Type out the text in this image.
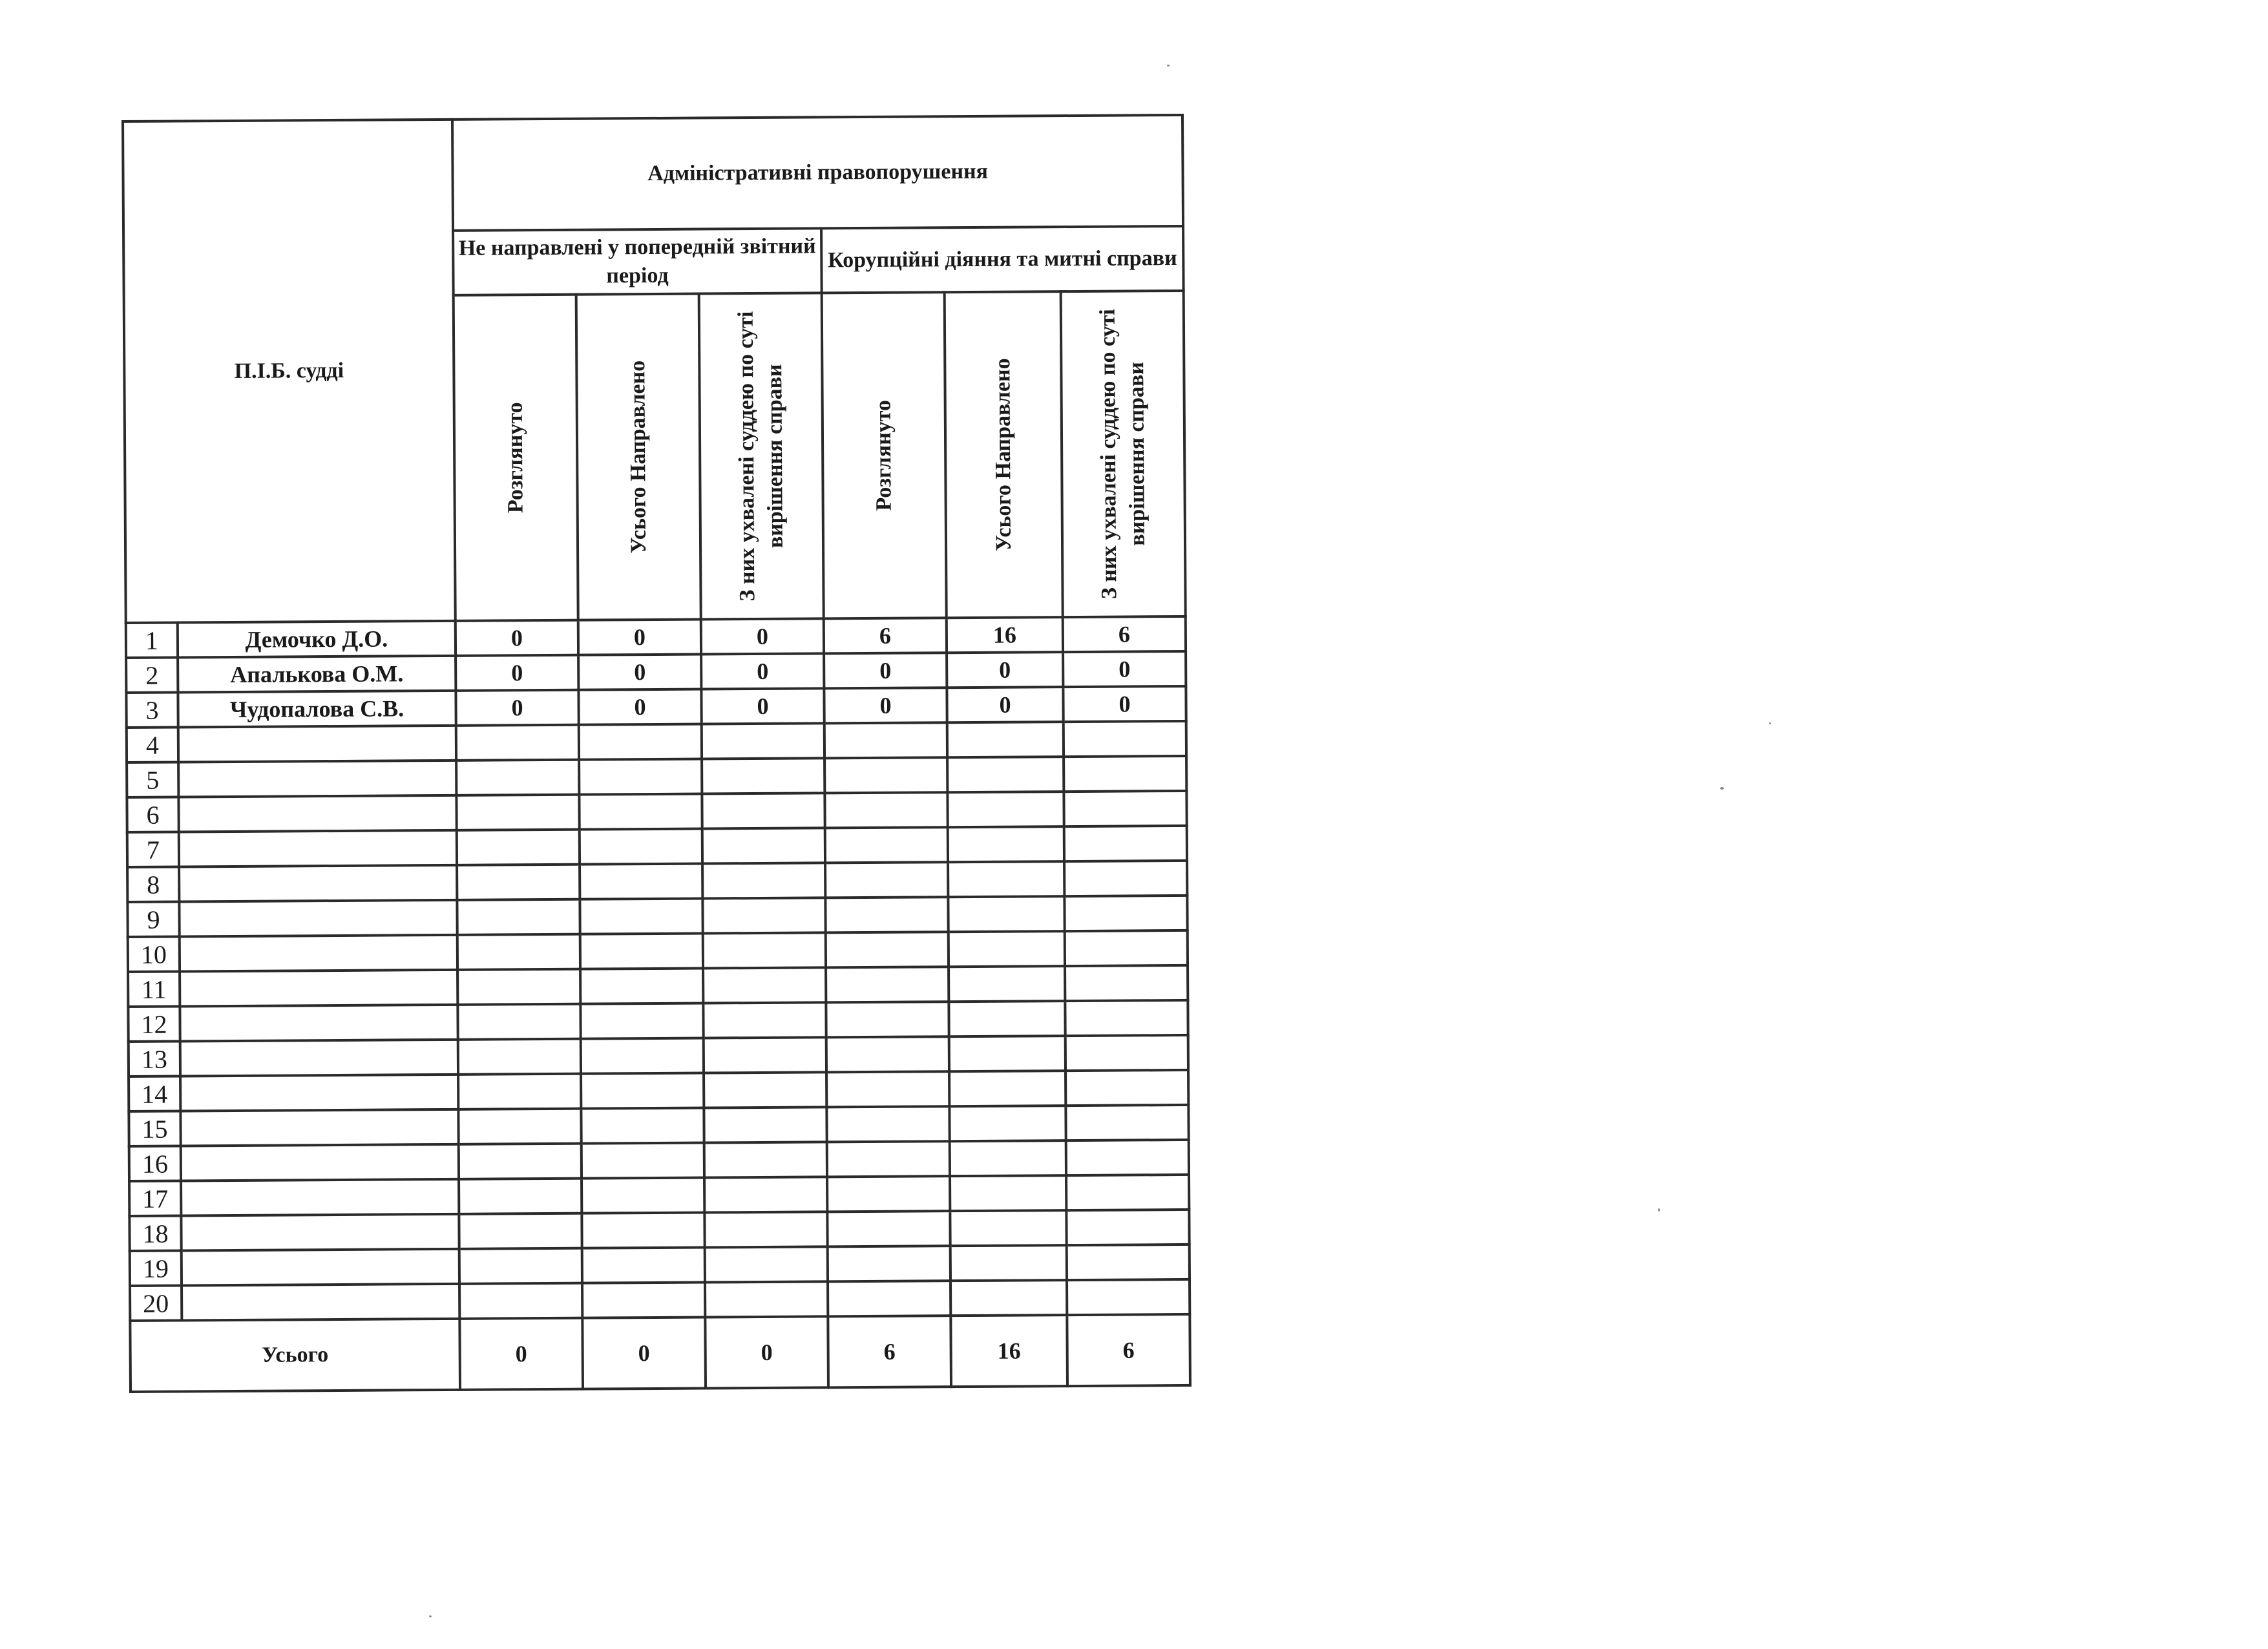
П.І.Б. судді		Адміністративні правопорушення					
		Не направлені у попередній звітний період			Корупційні діяння та митні справи		

		Розглянуто	Усього Направлено	З них ухвалені суддею по суті вирішення справи	Розглянуто	Усього Направлено	З них ухвалені суддею по суті вирішення справи

1	Демочко Д.О.	0	0	0	6	16	6
2	Апалькова О.М.	0	0	0	0	0	0
3	Чудопалова С.В.	0	0	0	0	0	0
4							
5							
6							
7							
8							
9							
10							
11							
12							
13							
14							
15							
16							
17							
18							
19							
20							
Усього		0	0	0	6	16	6
